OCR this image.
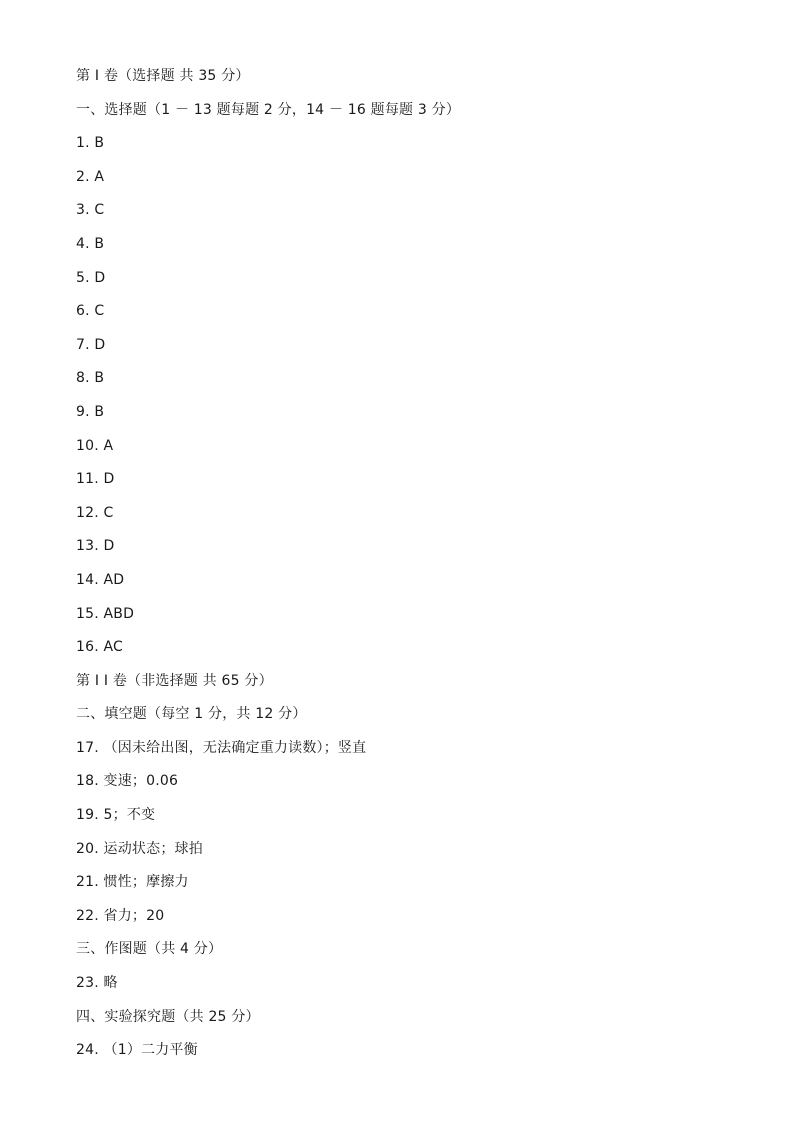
第 I 卷（选择题 共 35 分）
一、选择题（1 － 13 题每题 2 分，14 － 16 题每题 3 分）
1. B
2. A
3. C
4. B
5. D
6. C
7. D
8. B
9. B
10. A
11. D
12. C
13. D
14. AD
15. ABD
16. AC
第 I I 卷（非选择题 共 65 分）
二、填空题（每空 1 分，共 12 分）
17. （因未给出图，无法确定重力读数）；竖直
18. 变速；0.06
19. 5；不变
20. 运动状态；球拍
21. 惯性；摩擦力
22. 省力；20
三、作图题（共 4 分）
23. 略
四、实验探究题（共 25 分）
24. （1）二力平衡
